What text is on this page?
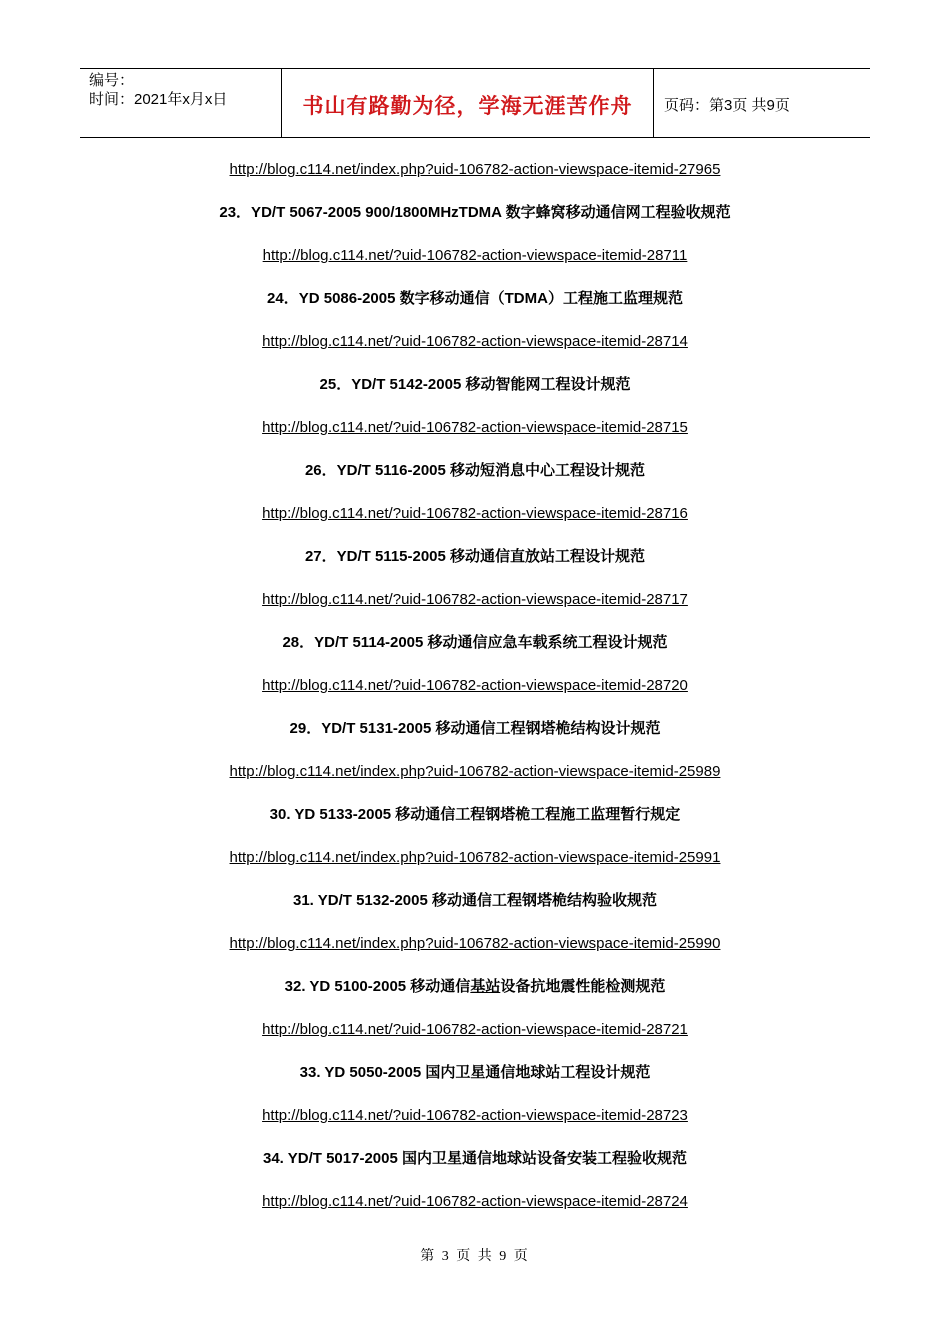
编号：
时间：2021年x月x日	书山有路勤为径，学海无涯苦作舟 页码：第3页 共9页
http://blog.c114.net/index.php?uid-106782-action-viewspace-itemid-27965
23．YD/T 5067-2005 900/1800MHzTDMA 数字蜂窝移动通信网工程验收规范
http://blog.c114.net/?uid-106782-action-viewspace-itemid-28711
24．YD 5086-2005 数字移动通信（TDMA）工程施工监理规范
http://blog.c114.net/?uid-106782-action-viewspace-itemid-28714
25．YD/T 5142-2005 移动智能网工程设计规范
http://blog.c114.net/?uid-106782-action-viewspace-itemid-28715
26．YD/T 5116-2005 移动短消息中心工程设计规范
http://blog.c114.net/?uid-106782-action-viewspace-itemid-28716
27．YD/T 5115-2005 移动通信直放站工程设计规范
http://blog.c114.net/?uid-106782-action-viewspace-itemid-28717
28．YD/T 5114-2005 移动通信应急车载系统工程设计规范
http://blog.c114.net/?uid-106782-action-viewspace-itemid-28720
29．YD/T 5131-2005 移动通信工程钢塔桅结构设计规范
http://blog.c114.net/index.php?uid-106782-action-viewspace-itemid-25989
30. YD 5133-2005 移动通信工程钢塔桅工程施工监理暂行规定
http://blog.c114.net/index.php?uid-106782-action-viewspace-itemid-25991
31. YD/T 5132-2005 移动通信工程钢塔桅结构验收规范
http://blog.c114.net/index.php?uid-106782-action-viewspace-itemid-25990
32. YD 5100-2005 移动通信基站设备抗地震性能检测规范
http://blog.c114.net/?uid-106782-action-viewspace-itemid-28721
33. YD 5050-2005 国内卫星通信地球站工程设计规范
http://blog.c114.net/?uid-106782-action-viewspace-itemid-28723
34. YD/T 5017-2005 国内卫星通信地球站设备安装工程验收规范
http://blog.c114.net/?uid-106782-action-viewspace-itemid-28724
第 3 页 共 9 页
